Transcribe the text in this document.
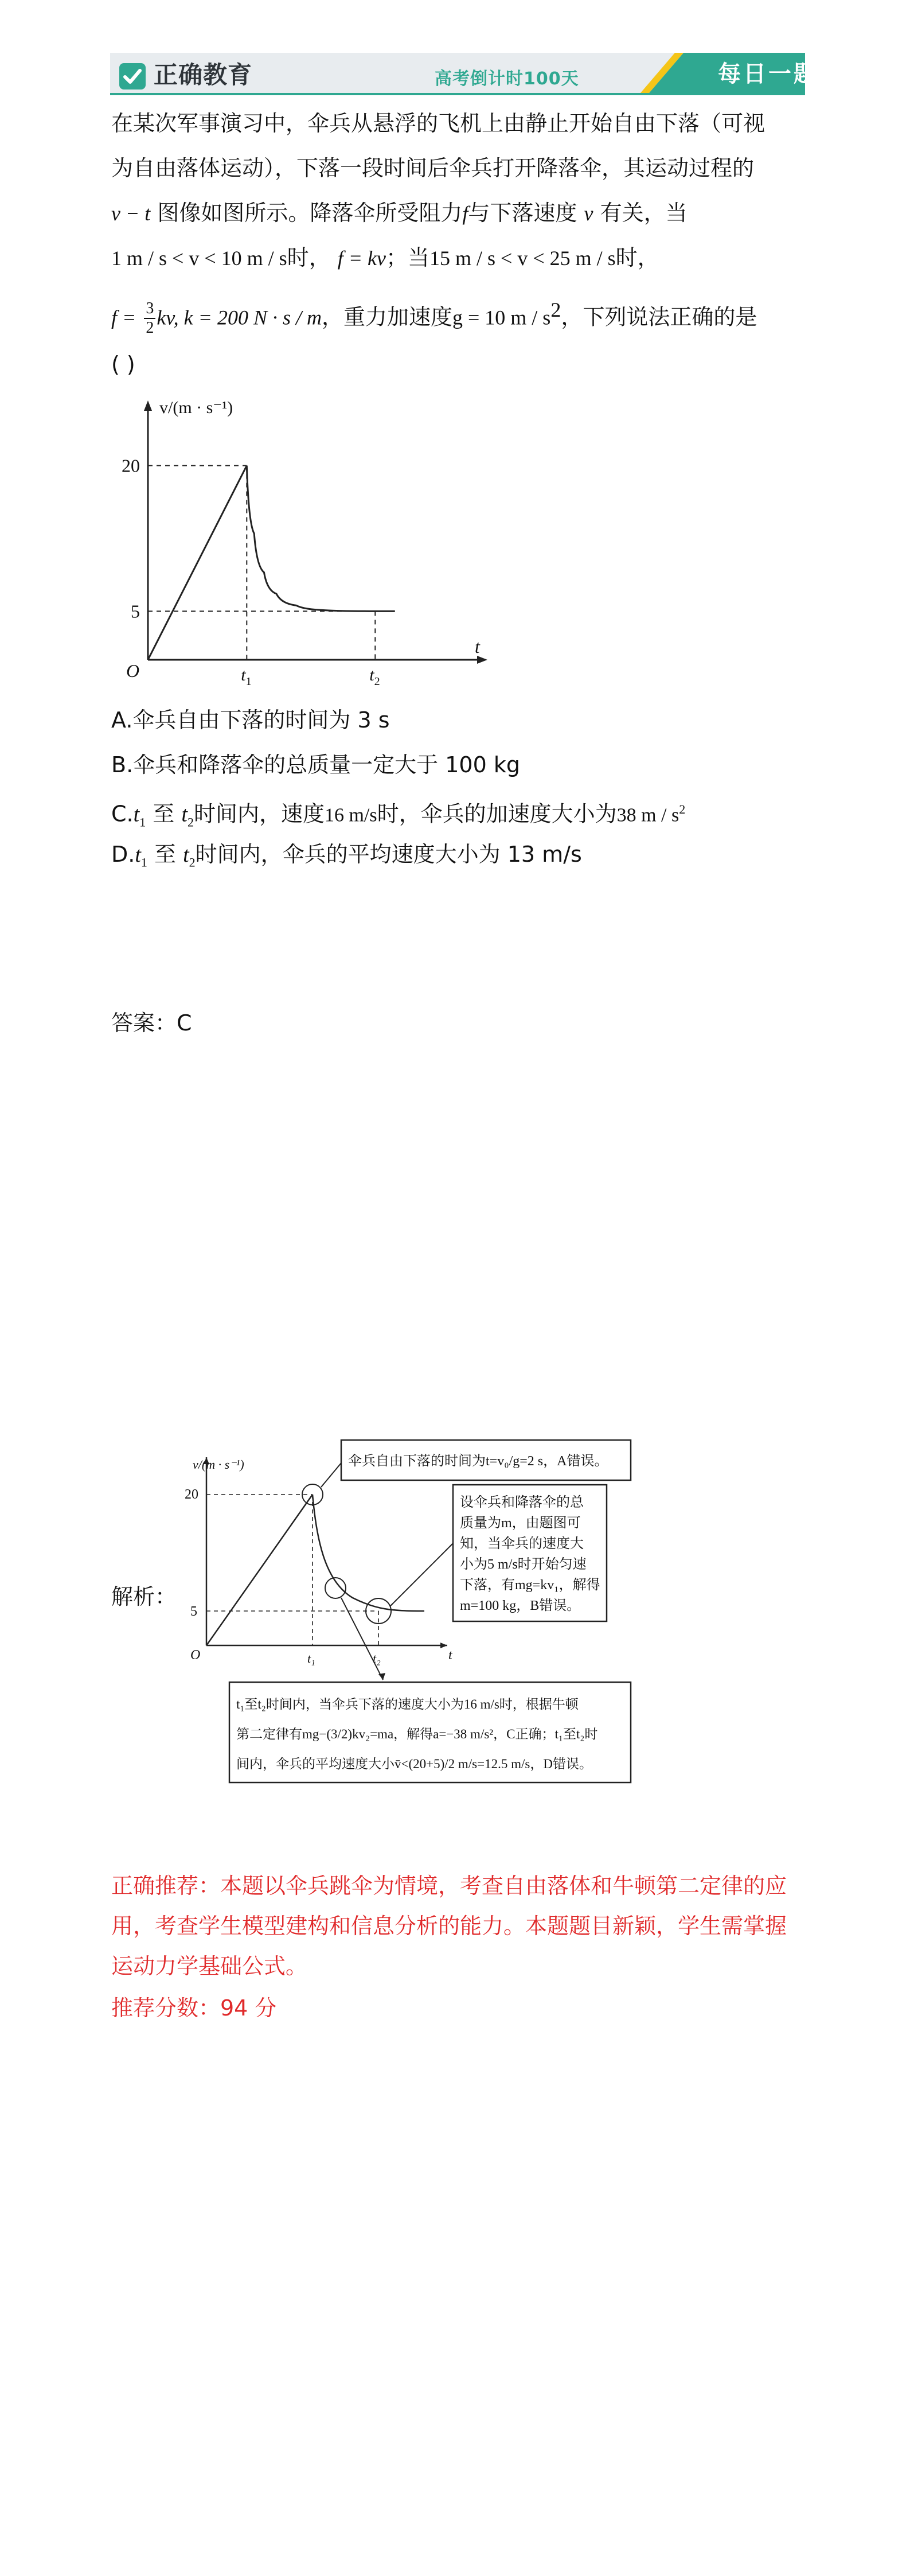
正确教育	高考倒计时100天	每日一题
在某次军事演习中，伞兵从悬浮的飞机上由静止开始自由下落（可视
为自由落体运动），下落一段时间后伞兵打开降落伞，其运动过程的
v − t 图像如图所示。降落伞所受阻力f与下落速度 v 有关，当
1 m / s < v < 10 m / s时， f = kv；当15 m / s < v < 25 m / s时，
$f = \frac{3}{2}$ kv, k = 200 N · s / m，重力加速度g = 10 m / $s^2$，下列说法正确的是
( )
v/(m · s⁻¹)
20
5
O
t
$t_1$	$t_2$
A.伞兵自由下落的时间为 3 s
B.伞兵和降落伞的总质量一定大于 100 kg
$C.t_1$ 至 $t_2$时间内，速度16 m/s时，伞兵的加速度大小为38 m / $s^2$
$D.t_1$ 至 $t_2$时间内，伞兵的平均速度大小为 13 m/s
答案：C
解析：
v/(m · s⁻¹)
20
5
O	t
t₁	t₂
伞兵自由下落的时间为t=v₀/g=2 s，A错误。
设伞兵和降落伞的总
质量为m，由题图可
知，当伞兵的速度大
小为5 m/s时开始匀速
下落，有mg=kv₁，解得
m=100 kg，B错误。
t₁至t₂时间内，当伞兵下落的速度大小为16 m/s时，根据牛顿
第二定律有mg−(3/2)kv₂=ma，解得a=−38 m/s²，C正确；t₁至t₂时
间内，伞兵的平均速度大小v̄<(20+5)/2 m/s=12.5 m/s，D错误。
正确推荐：本题以伞兵跳伞为情境，考查自由落体和牛顿第二定律的应用，考查学生模型建构和信息分析的能力。本题题目新颖，学生需掌握运动力学基础公式。
推荐分数：94 分
